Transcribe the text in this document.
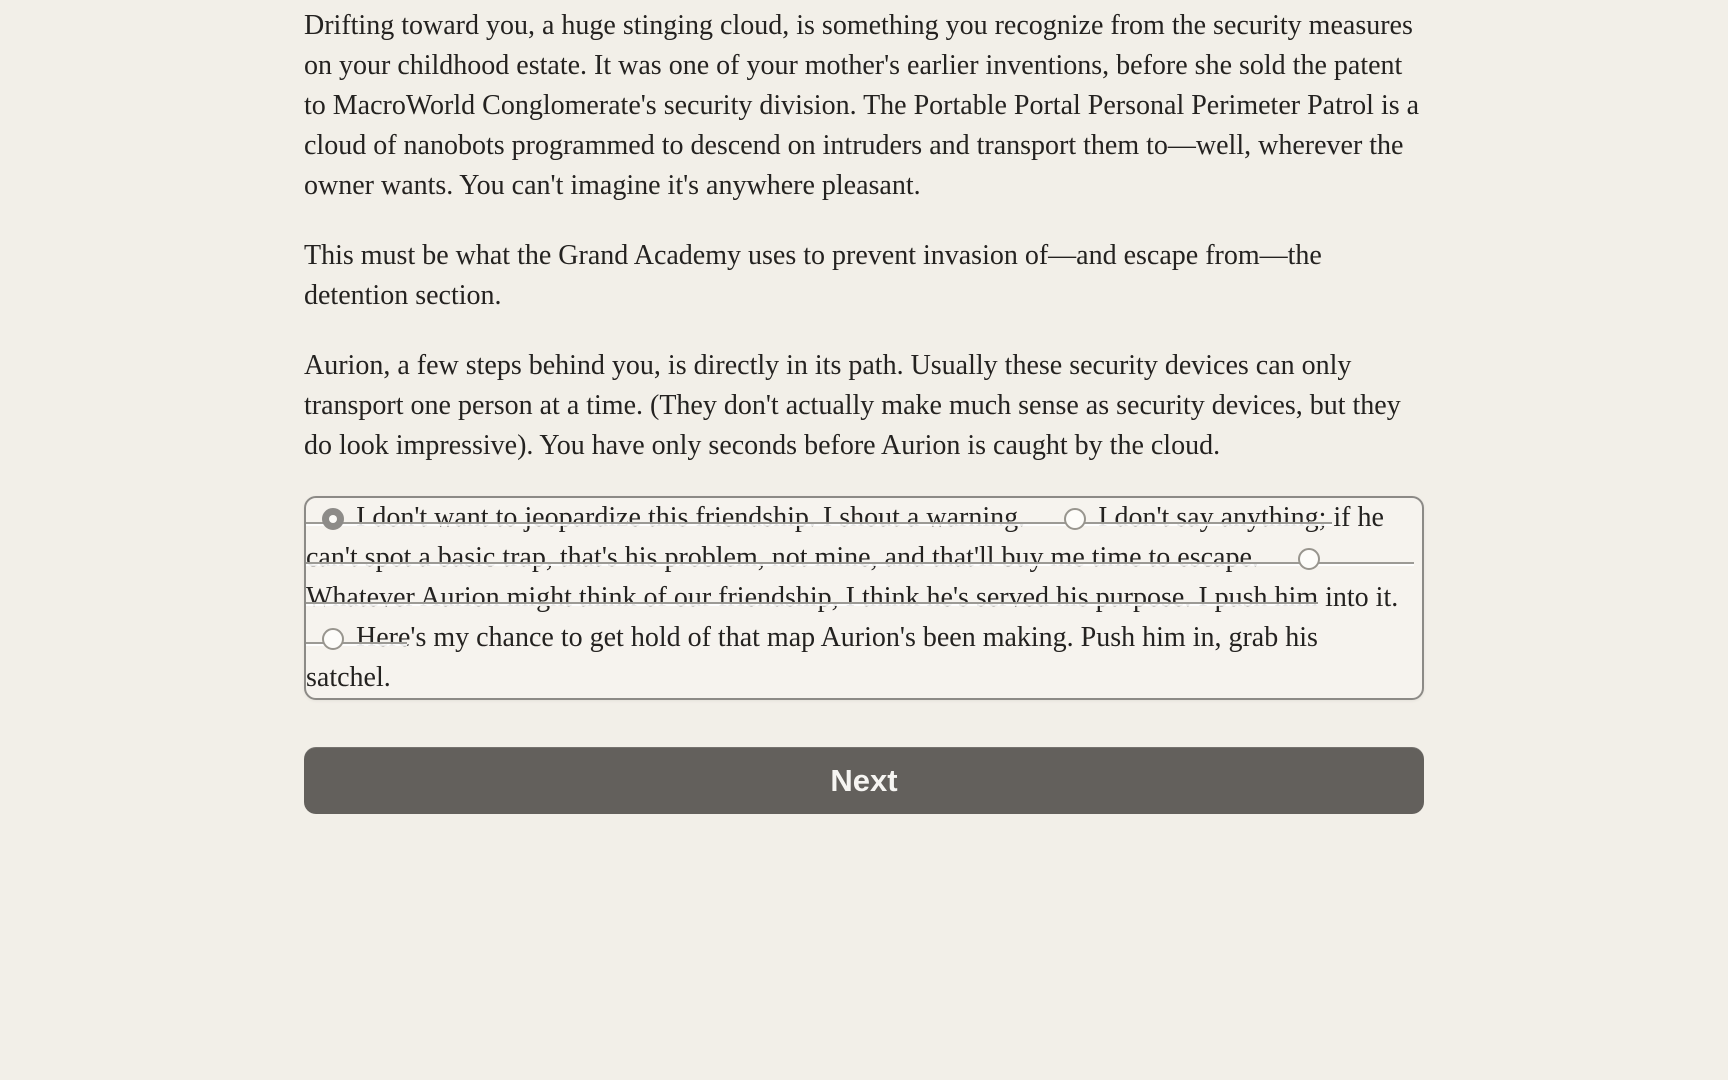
Drifting toward you, a huge stinging cloud, is something you recognize from the security measures on your childhood estate. It was one of your mother's earlier inventions, before she sold the patent to MacroWorld Conglomerate's security division. The Portable Portal Personal Perimeter Patrol is a cloud of nanobots programmed to descend on intruders and transport them to—well, wherever the owner wants. You can't imagine it's anywhere pleasant.

This must be what the Grand Academy uses to prevent invasion of—and escape from—the detention section.

Aurion, a few steps behind you, is directly in its path. Usually these security devices can only transport one person at a time. (They don't actually make much sense as security devices, but they do look impressive). You have only seconds before Aurion is caught by the cloud.

I don't want to jeopardize this friendship. I shout a warning.	I don't say anything; if he can't spot a basic trap, that's his problem, not mine, and that'll buy me time to escape. Whatever Aurion might think of our friendship, I think he's served his purpose. I push him into it. Here's my chance to get hold of that map Aurion's been making. Push him in, grab his satchel.
Next
